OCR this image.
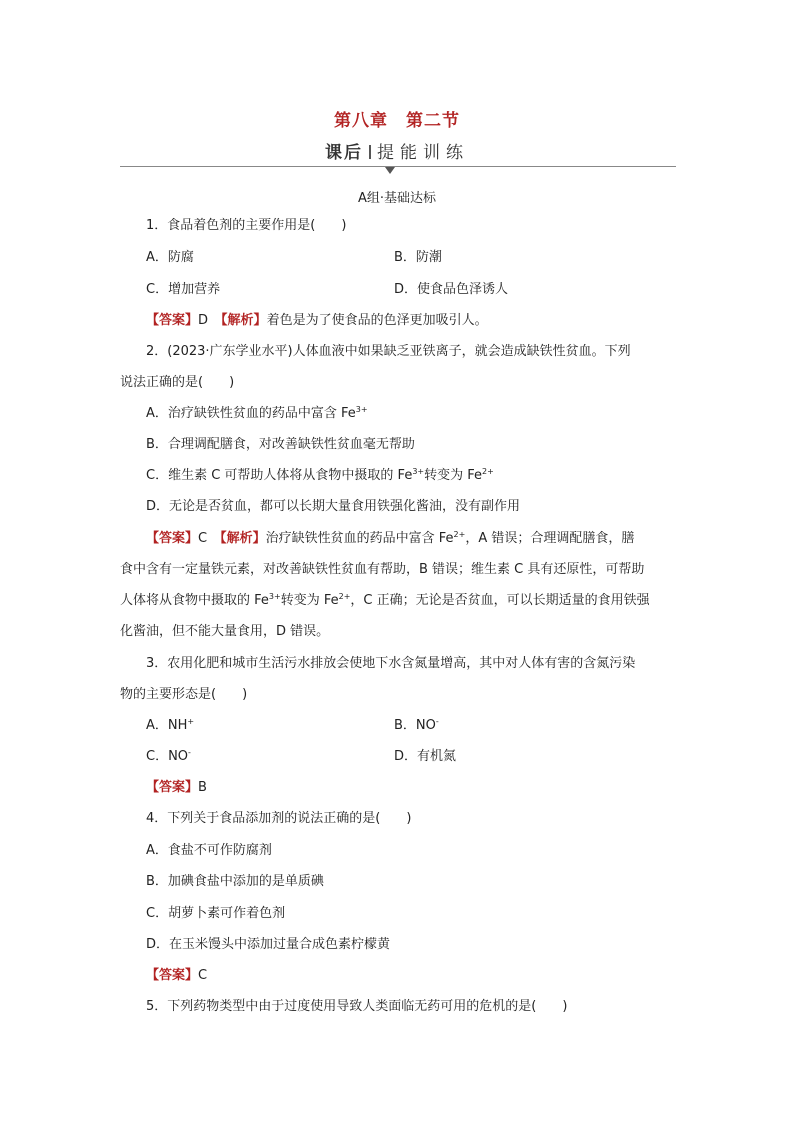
第八章　第二节
课后 提能训练
A组·基础达标
1．食品着色剂的主要作用是(　　)
A．防腐	B．防潮
C．增加营养	D．使食品色泽诱人
【答案】D　 【解析】着色是为了使食品的色泽更加吸引人。
2．(2023·广东学业水平)人体血液中如果缺乏亚铁离子，就会造成缺铁性贫血。下列
说法正确的是(　　)
A．治疗缺铁性贫血的药品中富含 $Fe^{3+}$
B．合理调配膳食，对改善缺铁性贫血毫无帮助
C．维生素 C 可帮助人体将从食物中摄取的 $Fe^{3+}$转变为 $Fe^{2+}$
D．无论是否贫血，都可以长期大量食用铁强化酱油，没有副作用
【答案】C　 【解析】治疗缺铁性贫血的药品中富含 $Fe^{2+}$，A 错误；合理调配膳食，膳
食中含有一定量铁元素，对改善缺铁性贫血有帮助，B 错误；维生素 C 具有还原性，可帮助
人体将从食物中摄取的 $Fe^{3+}$转变为 $Fe^{2+}$，C 正确；无论是否贫血，可以长期适量的食用铁强
化酱油，但不能大量食用，D 错误。
3．农用化肥和城市生活污水排放会使地下水含氮量增高，其中对人体有害的含氮污染
物的主要形态是(　　)
A．NH+	B．NO-
C．NO-	D．有机氮
【答案】B
4．下列关于食品添加剂的说法正确的是(　　)
A．食盐不可作防腐剂
B．加碘食盐中添加的是单质碘
C．胡萝卜素可作着色剂
D．在玉米馒头中添加过量合成色素柠檬黄
【答案】C
5．下列药物类型中由于过度使用导致人类面临无药可用的危机的是(　　)
